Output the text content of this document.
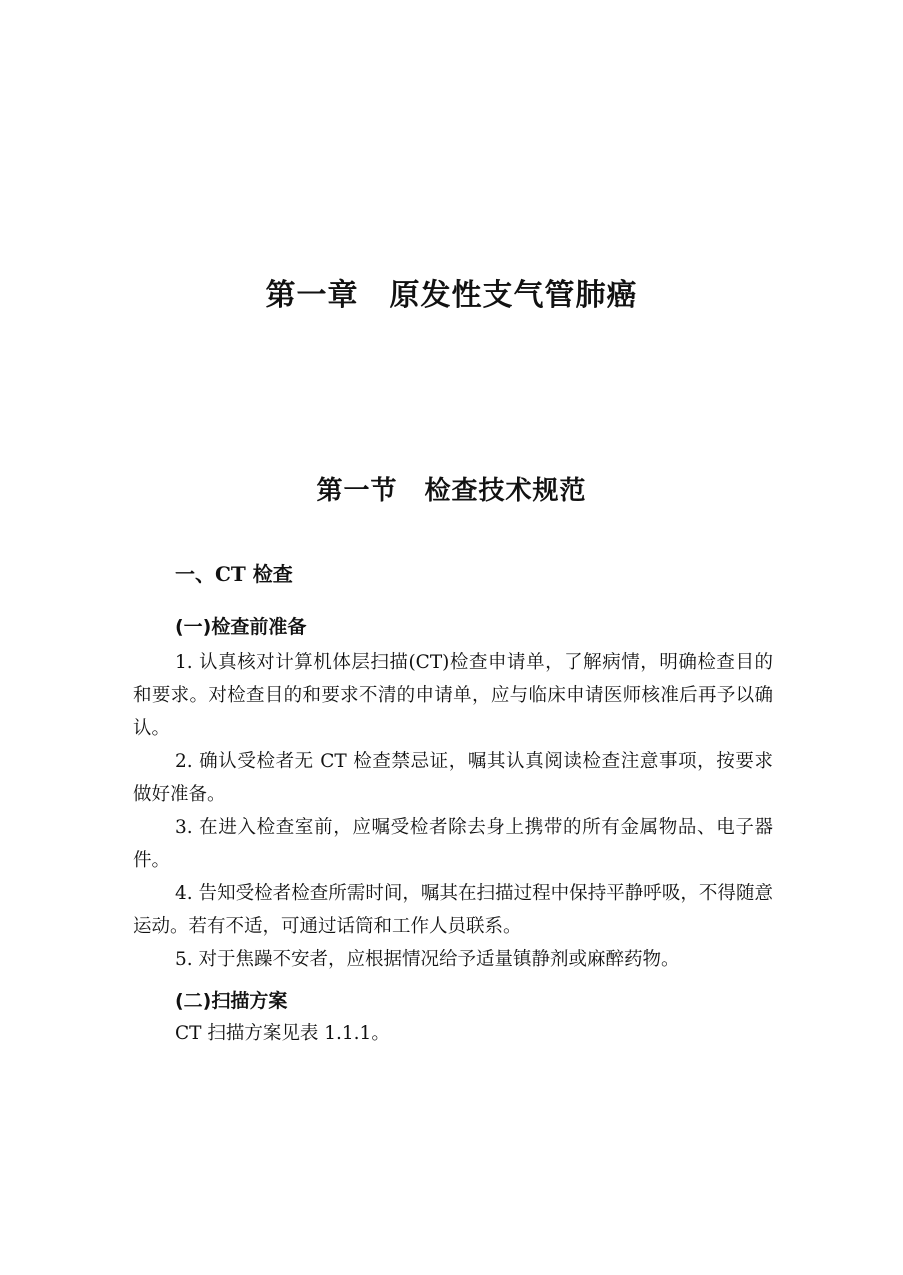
第一章　原发性支气管肺癌
第一节　检查技术规范
一、CT 检查
(一)检查前准备

1. 认真核对计算机体层扫描(CT)检查申请单，了解病情，明确检查目的和要求。对检查目的和要求不清的申请单，应与临床申请医师核准后再予以确认。

2. 确认受检者无 CT 检查禁忌证，嘱其认真阅读检查注意事项，按要求做好准备。

3. 在进入检查室前，应嘱受检者除去身上携带的所有金属物品、电子器件。

4. 告知受检者检查所需时间，嘱其在扫描过程中保持平静呼吸，不得随意运动。若有不适，可通过话筒和工作人员联系。

5. 对于焦躁不安者，应根据情况给予适量镇静剂或麻醉药物。

(二)扫描方案

CT 扫描方案见表 1.1.1。
